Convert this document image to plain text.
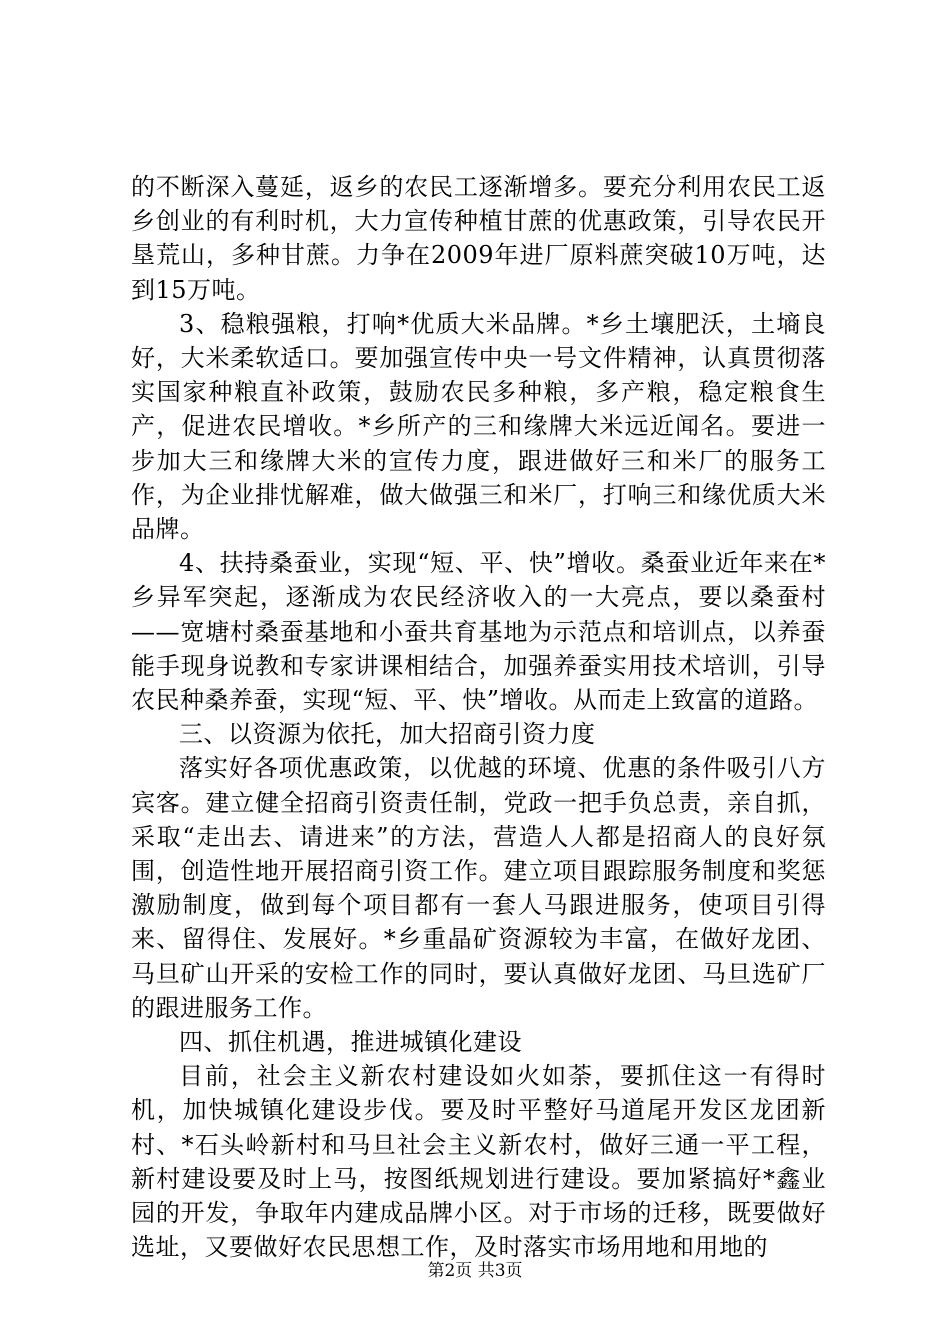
的不断深入蔓延，返乡的农民工逐渐增多。要充分利用农民工返乡创业的有利时机，大力宣传种植甘蔗的优惠政策，引导农民开垦荒山，多种甘蔗。力争在2009年进厂原料蔗突破10万吨，达到15万吨。

3、稳粮强粮，打响*优质大米品牌。*乡土壤肥沃，土墒良好，大米柔软适口。要加强宣传中央一号文件精神，认真贯彻落实国家种粮直补政策，鼓励农民多种粮，多产粮，稳定粮食生产，促进农民增收。*乡所产的三和缘牌大米远近闻名。要进一步加大三和缘牌大米的宣传力度，跟进做好三和米厂的服务工作，为企业排忧解难，做大做强三和米厂，打响三和缘优质大米品牌。

4、扶持桑蚕业，实现“短、平、快”增收。桑蚕业近年来在*乡异军突起，逐渐成为农民经济收入的一大亮点，要以桑蚕村——宽塘村桑蚕基地和小蚕共育基地为示范点和培训点，以养蚕能手现身说教和专家讲课相结合，加强养蚕实用技术培训，引导农民种桑养蚕，实现“短、平、快”增收。从而走上致富的道路。

三、以资源为依托，加大招商引资力度

落实好各项优惠政策，以优越的环境、优惠的条件吸引八方宾客。建立健全招商引资责任制，党政一把手负总责，亲自抓，采取“走出去、请进来”的方法，营造人人都是招商人的良好氛围，创造性地开展招商引资工作。建立项目跟踪服务制度和奖惩激励制度，做到每个项目都有一套人马跟进服务，使项目引得来、留得住、发展好。*乡重晶矿资源较为丰富，在做好龙团、马旦矿山开采的安检工作的同时，要认真做好龙团、马旦选矿厂的跟进服务工作。

四、抓住机遇，推进城镇化建设

目前，社会主义新农村建设如火如荼，要抓住这一有得时机，加快城镇化建设步伐。要及时平整好马道尾开发区龙团新村、*石头岭新村和马旦社会主义新农村，做好三通一平工程，新村建设要及时上马，按图纸规划进行建设。要加紧搞好*鑫业园的开发，争取年内建成品牌小区。对于市场的迁移，既要做好选址，又要做好农民思想工作，及时落实市场用地和用地的

第2页 共3页
